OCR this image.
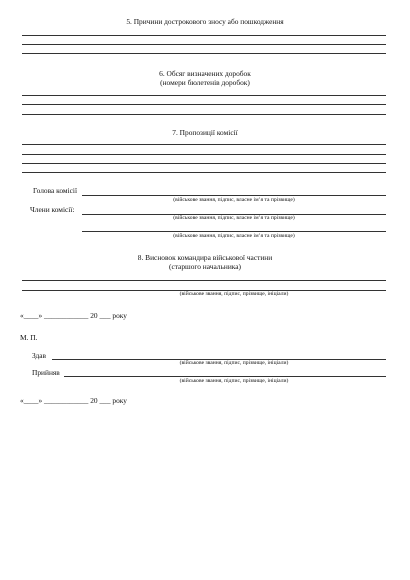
5. Причини дострокового зносу або пошкодження
6. Обсяг визначених доробок
(номери бюлетенів доробок)
7. Пропозиції комісії
Голова комісії
(військове звання, підпис, власне ім’я та прізвище)
Члени комісії:
(військове звання, підпис, власне ім’я та прізвище)
(військове звання, підпис, власне ім’я та прізвище)
8. Висновок командира військової частини
(старшого начальника)
(військове звання, підпис, прізвище, ініціали)
«____» ____________ 20 ___ року
М. П.
Здав
(військове звання, підпис, прізвище, ініціали)
Прийняв
(військове звання, підпис, прізвище, ініціали)
«____» ____________ 20 ___ року
